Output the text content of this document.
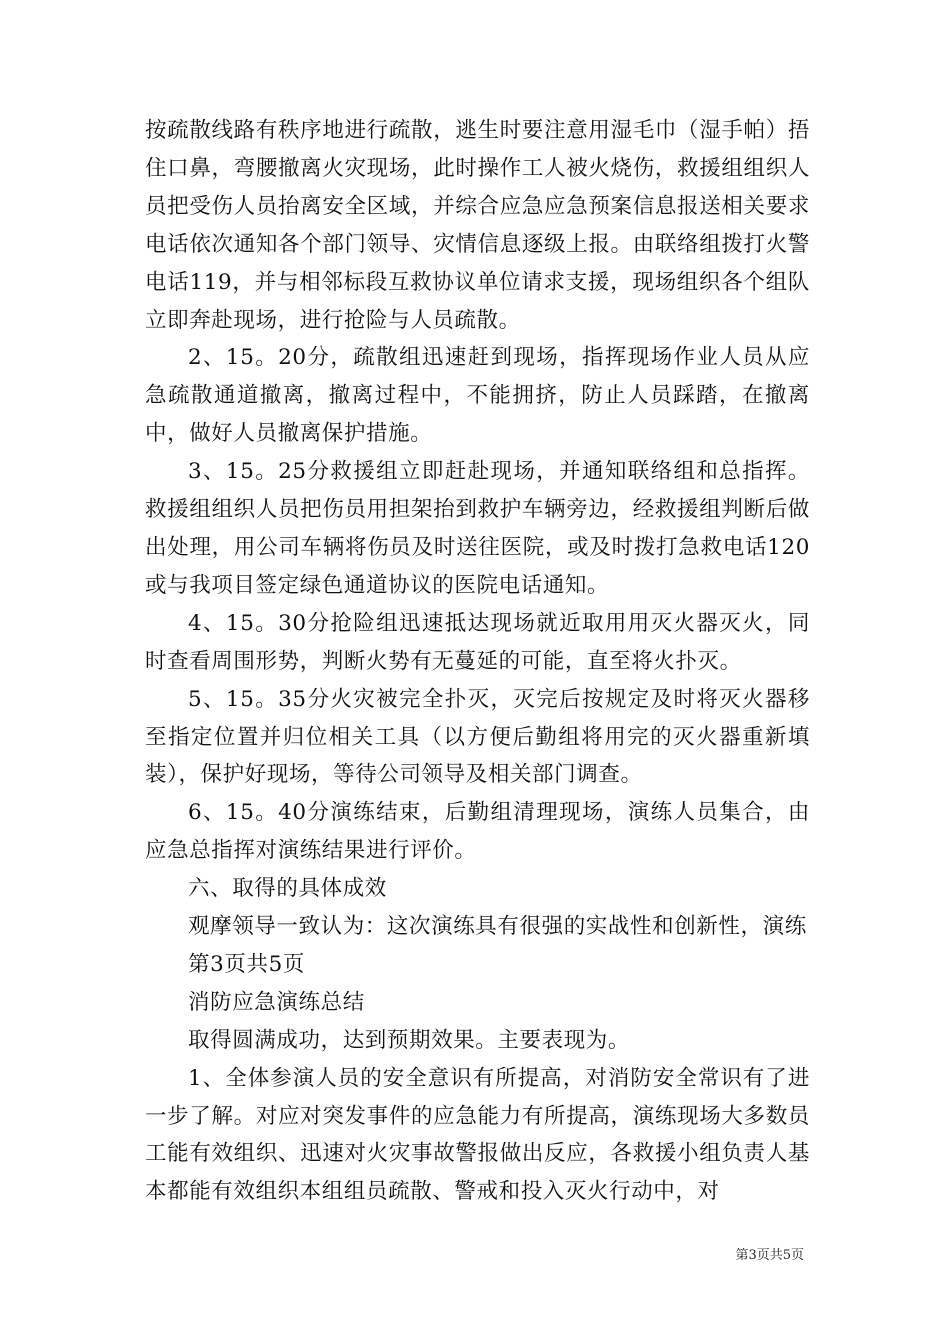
按疏散线路有秩序地进行疏散，逃生时要注意用湿毛巾（湿手帕）捂住口鼻，弯腰撤离火灾现场，此时操作工人被火烧伤，救援组组织人员把受伤人员抬离安全区域，并综合应急应急预案信息报送相关要求电话依次通知各个部门领导、灾情信息逐级上报。由联络组拨打火警电话119，并与相邻标段互救协议单位请求支援，现场组织各个组队立即奔赴现场，进行抢险与人员疏散。

2、15。20分，疏散组迅速赶到现场，指挥现场作业人员从应急疏散通道撤离，撤离过程中，不能拥挤，防止人员踩踏，在撤离中，做好人员撤离保护措施。

3、15。25分救援组立即赶赴现场，并通知联络组和总指挥。救援组组织人员把伤员用担架抬到救护车辆旁边，经救援组判断后做出处理，用公司车辆将伤员及时送往医院，或及时拨打急救电话120或与我项目签定绿色通道协议的医院电话通知。

4、15。30分抢险组迅速抵达现场就近取用用灭火器灭火，同时查看周围形势，判断火势有无蔓延的可能，直至将火扑灭。

5、15。35分火灾被完全扑灭，灭完后按规定及时将灭火器移至指定位置并归位相关工具（以方便后勤组将用完的灭火器重新填装），保护好现场，等待公司领导及相关部门调查。

6、15。40分演练结束，后勤组清理现场，演练人员集合，由应急总指挥对演练结果进行评价。

六、取得的具体成效

观摩领导一致认为：这次演练具有很强的实战性和创新性，演练

第3页共5页

消防应急演练总结

取得圆满成功，达到预期效果。主要表现为。

1、全体参演人员的安全意识有所提高，对消防安全常识有了进一步了解。对应对突发事件的应急能力有所提高，演练现场大多数员工能有效组织、迅速对火灾事故警报做出反应，各救援小组负责人基本都能有效组织本组组员疏散、警戒和投入灭火行动中，对

第3页共5页
